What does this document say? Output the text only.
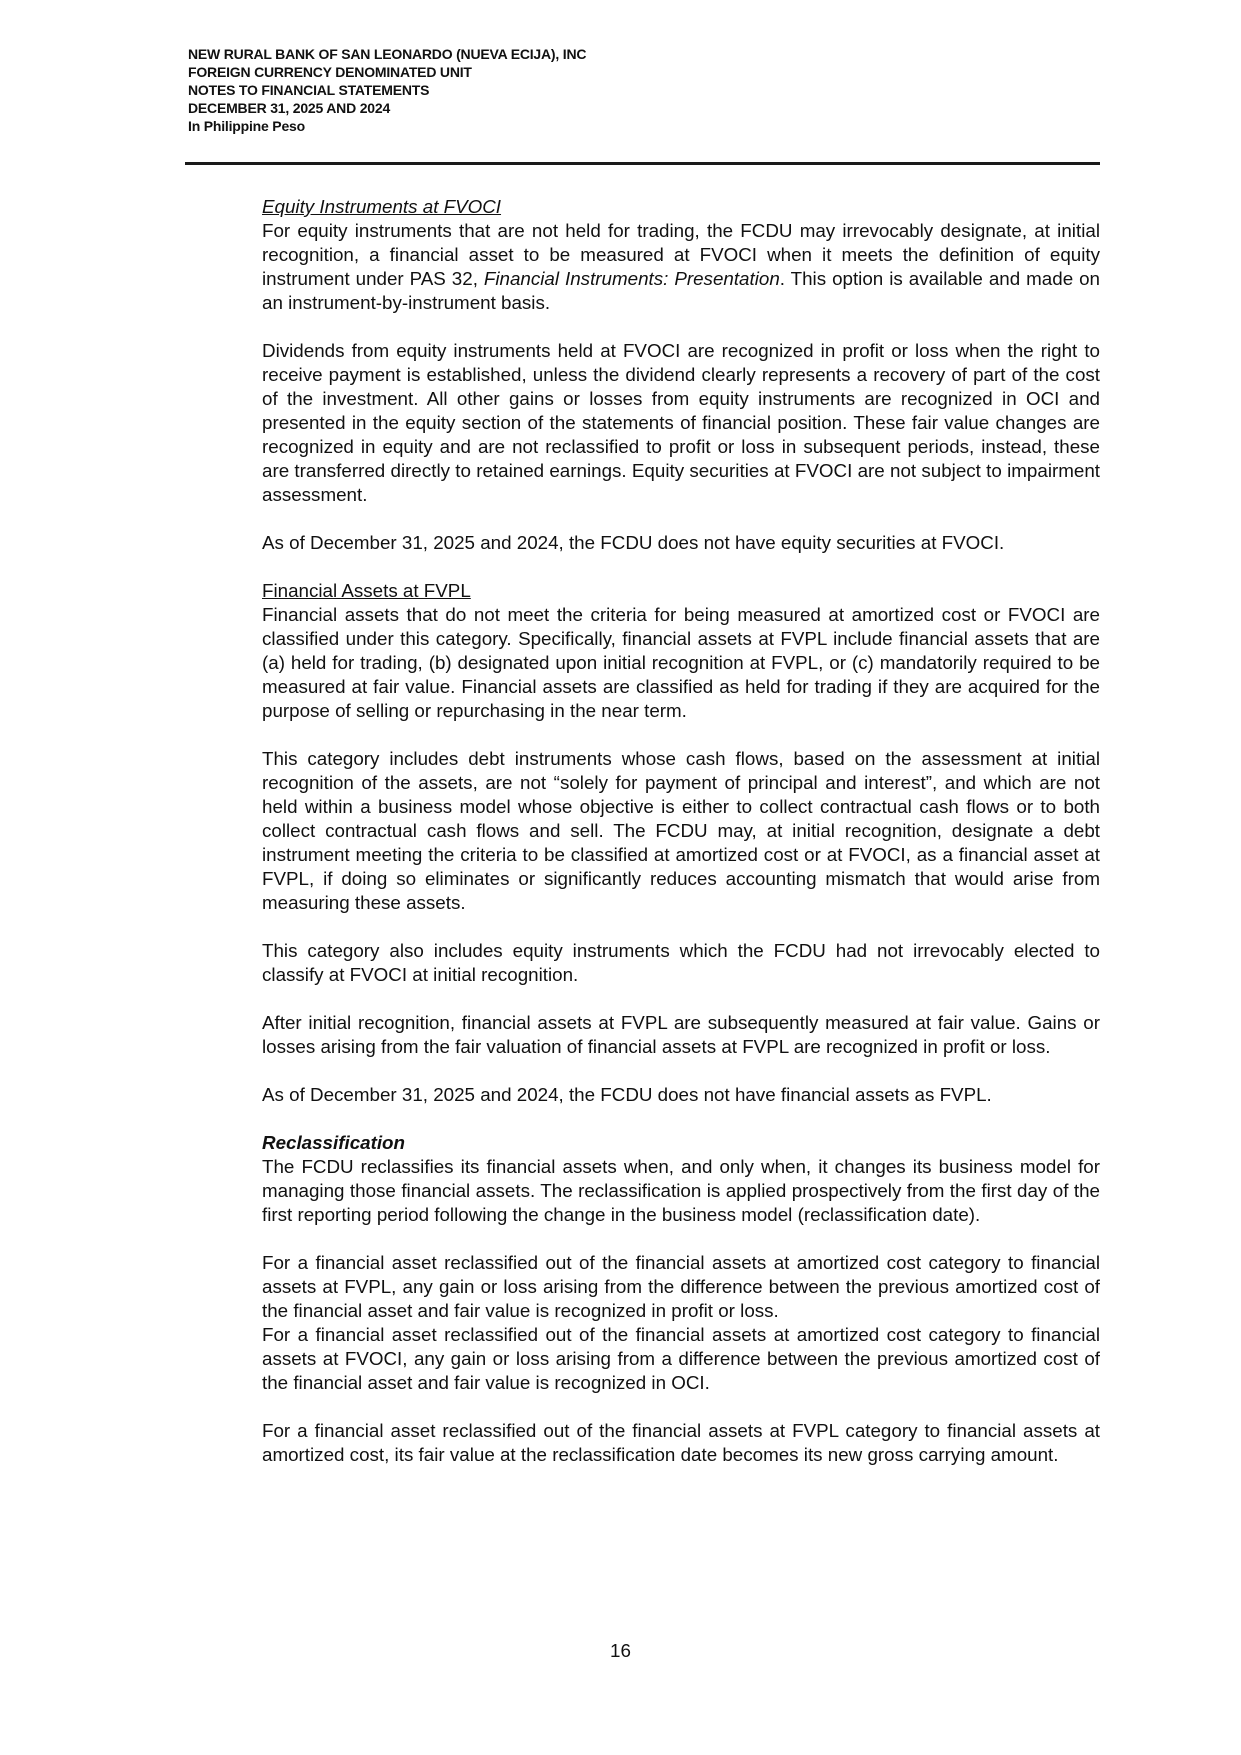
NEW RURAL BANK OF SAN LEONARDO (NUEVA ECIJA), INC
FOREIGN CURRENCY DENOMINATED UNIT
NOTES TO FINANCIAL STATEMENTS
DECEMBER 31, 2025 AND 2024
In Philippine Peso

Equity Instruments at FVOCI

For equity instruments that are not held for trading, the FCDU may irrevocably designate, at initial recognition, a financial asset to be measured at FVOCI when it meets the definition of equity instrument under PAS 32, Financial Instruments: Presentation. This option is available and made on an instrument-by-instrument basis.

Dividends from equity instruments held at FVOCI are recognized in profit or loss when the right to receive payment is established, unless the dividend clearly represents a recovery of part of the cost of the investment. All other gains or losses from equity instruments are recognized in OCI and presented in the equity section of the statements of financial position. These fair value changes are recognized in equity and are not reclassified to profit or loss in subsequent periods, instead, these are transferred directly to retained earnings. Equity securities at FVOCI are not subject to impairment assessment.

As of December 31, 2025 and 2024, the FCDU does not have equity securities at FVOCI.

Financial Assets at FVPL

Financial assets that do not meet the criteria for being measured at amortized cost or FVOCI are classified under this category. Specifically, financial assets at FVPL include financial assets that are (a) held for trading, (b) designated upon initial recognition at FVPL, or (c) mandatorily required to be measured at fair value. Financial assets are classified as held for trading if they are acquired for the purpose of selling or repurchasing in the near term.

This category includes debt instruments whose cash flows, based on the assessment at initial recognition of the assets, are not “solely for payment of principal and interest”, and which are not held within a business model whose objective is either to collect contractual cash flows or to both collect contractual cash flows and sell. The FCDU may, at initial recognition, designate a debt instrument meeting the criteria to be classified at amortized cost or at FVOCI, as a financial asset at FVPL, if doing so eliminates or significantly reduces accounting mismatch that would arise from measuring these assets.

This category also includes equity instruments which the FCDU had not irrevocably elected to classify at FVOCI at initial recognition.

After initial recognition, financial assets at FVPL are subsequently measured at fair value. Gains or losses arising from the fair valuation of financial assets at FVPL are recognized in profit or loss.

As of December 31, 2025 and 2024, the FCDU does not have financial assets as FVPL.

Reclassification

The FCDU reclassifies its financial assets when, and only when, it changes its business model for managing those financial assets. The reclassification is applied prospectively from the first day of the first reporting period following the change in the business model (reclassification date).

For a financial asset reclassified out of the financial assets at amortized cost category to financial assets at FVPL, any gain or loss arising from the difference between the previous amortized cost of the financial asset and fair value is recognized in profit or loss.

For a financial asset reclassified out of the financial assets at amortized cost category to financial assets at FVOCI, any gain or loss arising from a difference between the previous amortized cost of the financial asset and fair value is recognized in OCI.

For a financial asset reclassified out of the financial assets at FVPL category to financial assets at amortized cost, its fair value at the reclassification date becomes its new gross carrying amount.

16
